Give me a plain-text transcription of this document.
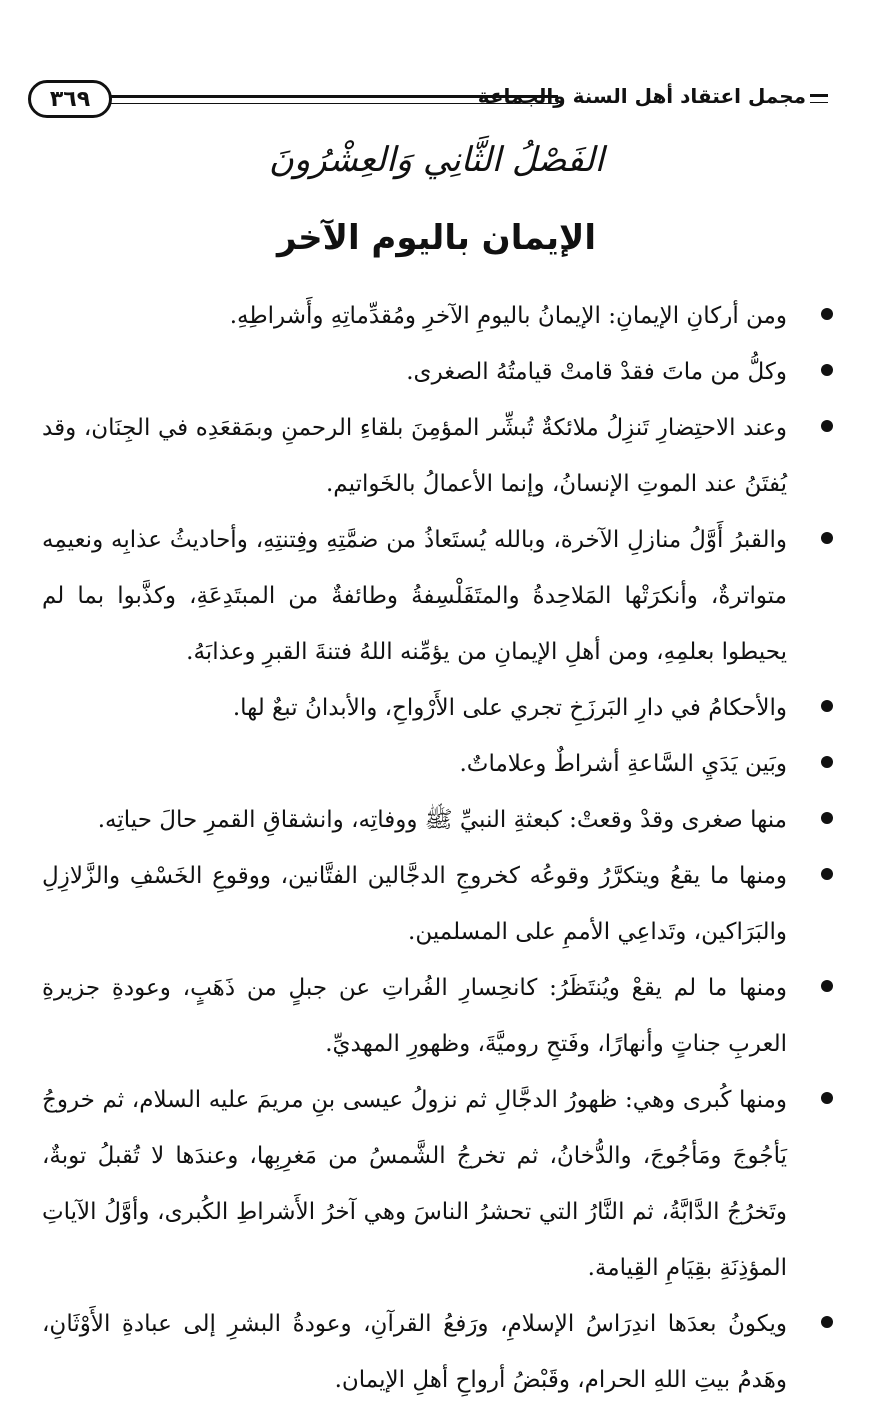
٣٦٩	مجمل اعتقاد أهل السنة والجماعة
الفَصْلُ الثَّانِي وَالعِشْرُونَ
الإيمان باليوم الآخر
ومن أركانِ الإيمانِ: الإيمانُ باليومِ الآخرِ ومُقدِّماتِهِ وأَشراطِهِ.
وكلُّ من ماتَ فقدْ قامتْ قيامتُهُ الصغرى.
وعند الاحتِضارِ تَنزِلُ ملائكةٌ تُبشِّر المؤمِنَ بلقاءِ الرحمنِ وبمَقعَدِه في الجِنَان، وقد يُفتَنُ عند الموتِ الإنسانُ، وإنما الأعمالُ بالخَواتيم.
والقبرُ أَوَّلُ منازلِ الآخرة، وبالله يُستَعاذُ من ضمَّتِهِ وفِتنتِهِ، وأحاديثُ عذابِه ونعيمِه متواترةٌ، وأنكرَتْها المَلاحِدةُ والمتَفَلْسِفةُ وطائفةٌ من المبتَدِعَةِ، وكذَّبوا بما لم يحيطوا بعلمِهِ، ومن أهلِ الإيمانِ من يؤمِّنه اللهُ فتنةَ القبرِ وعذابَهُ.
والأحكامُ في دارِ البَرزَخِ تجري على الأَرْواحِ، والأبدانُ تبعٌ لها.
وبَين يَدَيِ السَّاعةِ أشراطٌ وعلاماتٌ.
منها صغرى وقدْ وقعتْ: كبعثةِ النبيِّ ﷺ ووفاتِه، وانشقاقِ القمرِ حالَ حياتِه.
ومنها ما يقعُ ويتكرَّرُ وقوعُه كخروجِ الدجَّالين الفتَّانين، ووقوعِ الخَسْفِ والزَّلازِلِ والبَرَاكين، وتَداعِي الأممِ على المسلمين.
ومنها ما لم يقعْ ويُنتَظَرُ: كانحِسارِ الفُراتِ عن جبلٍ من ذَهَبٍ، وعودةِ جزيرةِ العربِ جناتٍ وأنهارًا، وفَتحِ روميَّةَ، وظهورِ المهديِّ.
ومنها كُبرى وهي: ظهورُ الدجَّالِ ثم نزولُ عيسى بنِ مريمَ عليه السلام، ثم خروجُ يَأجُوجَ ومَأجُوجَ، والدُّخانُ، ثم تخرجُ الشَّمسُ من مَغرِبِها، وعندَها لا تُقبلُ توبةٌ، وتَخرُجُ الدَّابَّةُ، ثم النَّارُ التي تحشرُ الناسَ وهي آخرُ الأَشراطِ الكُبرى، وأوَّلُ الآياتِ المؤذِنَةِ بقِيَامِ القِيامة.
ويكونُ بعدَها اندِرَاسُ الإسلامِ، ورَفعُ القرآنِ، وعودةُ البشرِ إلى عبادةِ الأَوْثَانِ، وهَدمُ بيتِ اللهِ الحرام، وقَبْضُ أرواحِ أهلِ الإيمان.
